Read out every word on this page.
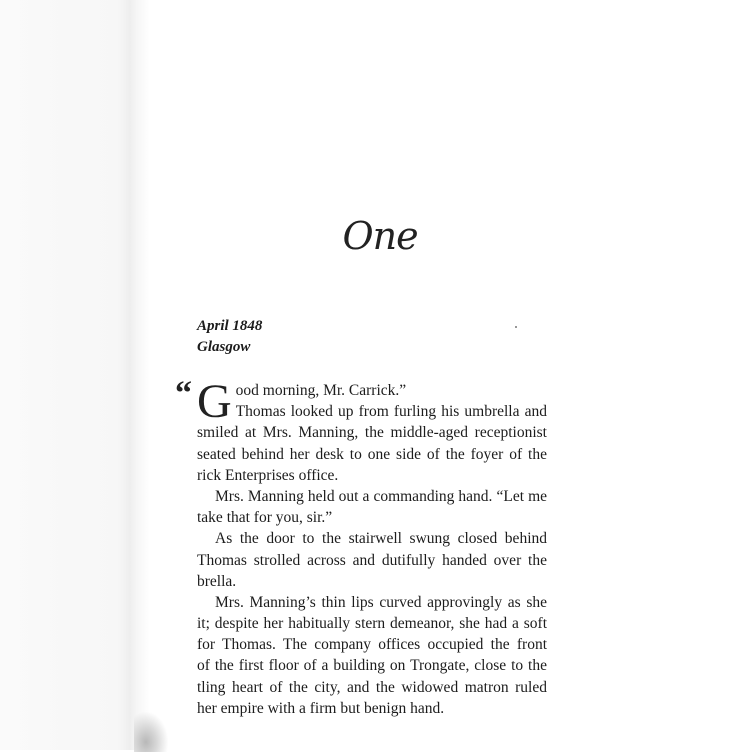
One
April 1848
Glasgow
“ G ood morning, Mr. Carrick.”
Thomas looked up from furling his umbrella and
smiled at Mrs. Manning, the middle-aged receptionist
seated behind her desk to one side of the foyer of the
rick Enterprises office.
Mrs. Manning held out a commanding hand. “Let me
take that for you, sir.”
As the door to the stairwell swung closed behind
Thomas strolled across and dutifully handed over the
brella.
Mrs. Manning’s thin lips curved approvingly as she
it; despite her habitually stern demeanor, she had a soft
for Thomas. The company offices occupied the front
of the first floor of a building on Trongate, close to the
tling heart of the city, and the widowed matron ruled
her empire with a firm but benign hand.
